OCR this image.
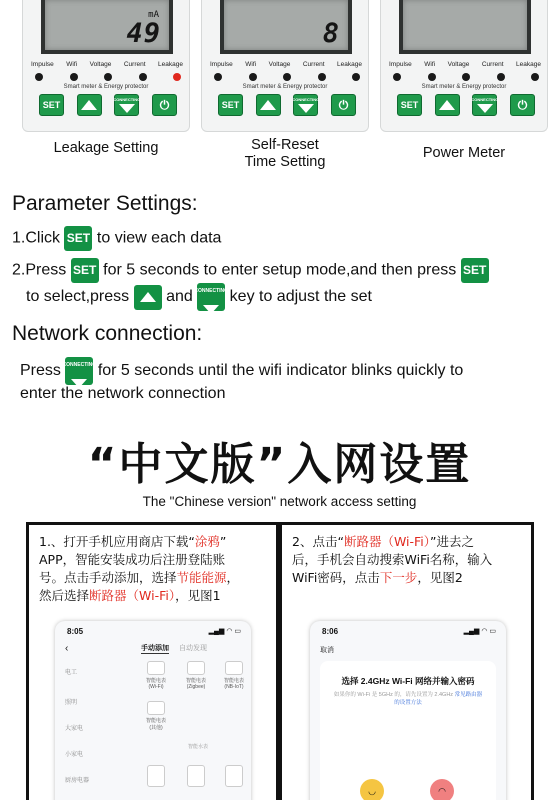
mA
49
Impulse Wifi Voltage Current Leakage
Smart meter & Energy protector
SET
CONNECTING ⏻
8
Impulse Wifi Voltage Current Leakage
Smart meter & Energy protector
SET
CONNECTING ⏻
Impulse Wifi Voltage Current Leakage
Smart meter & Energy protector
SET
CONNECTING ⏻
Leakage Setting	Self-Reset
Time Setting
Power Meter
Parameter Settings:
1.Click SET to view each data
2.Press SET for 5 seconds to enter setup mode,and then press SET
to select,press and CONNECTING key to adjust the set
Network connection:
Press CONNECTING for 5 seconds until the wifi indicator blinks quickly to
enter the network connection
“中文版”入网设置
The "Chinese version" network access setting
1.、打开手机应用商店下载“涂鸦”
APP，智能安装成功后注册登陆账
号。点击手动添加，选择节能能源，
然后选择断路器（Wi-Fi），见图1
8:05	▂▄▆ ◠ ▭
‹	手动添加 自动发现
电工
照明
大家电
小家电
厨房电器
智能电表
(Wi-Fi)
智能电表
(Zigbee)
智能电表
(NB-IoT)
智能电表
(其他)
智能水表
2、点击“断路器（Wi-Fi）”进去之
后，手机会自动搜索WiFi名称，输入
WiFi密码，点击下一步，见图2
8:06	▂▄▆ ◠ ▭
取消
选择 2.4GHz Wi-Fi 网络并输入密码
如果你的 Wi-Fi 是 5GHz 的，请先设置为 2.4GHz 常见路由器的设置方法
◡	◠
